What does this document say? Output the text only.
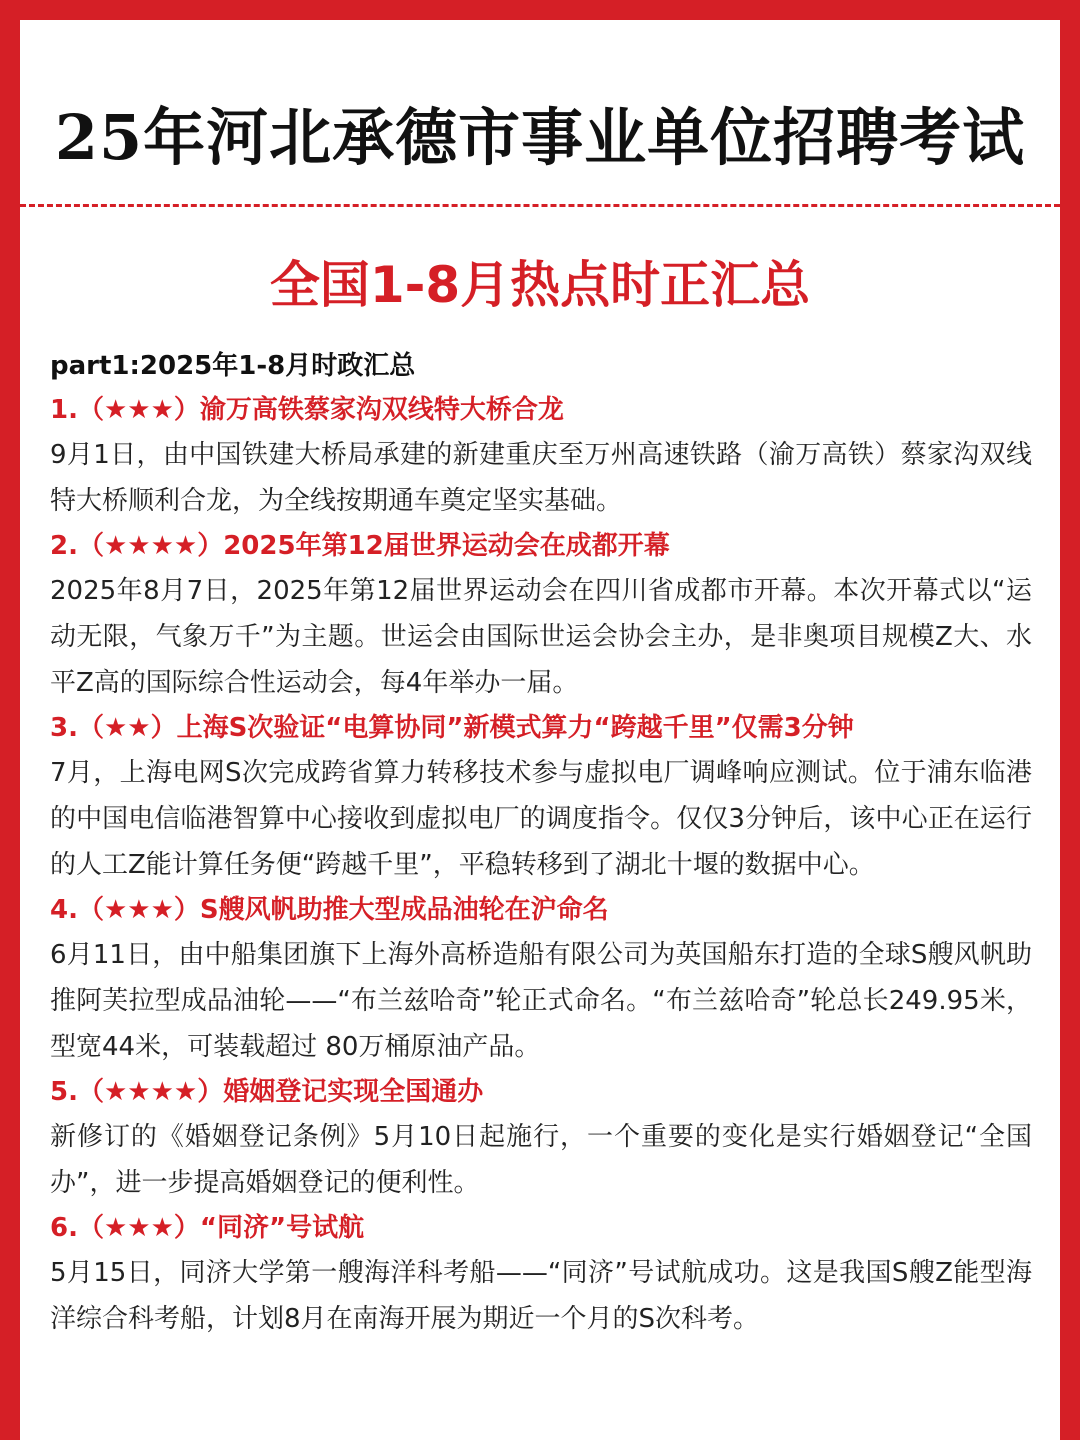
25年河北承德市事业单位招聘考试
全国1-8月热点时正汇总
part1:2025年1-8月时政汇总
1.（★★★）渝万高铁蔡家沟双线特大桥合龙
9月1日，由中国铁建大桥局承建的新建重庆至万州高速铁路（渝万高铁）蔡家沟双线特大桥顺利合龙，为全线按期通车奠定坚实基础。
2.（★★★★）2025年第12届世界运动会在成都开幕
2025年8月7日，2025年第12届世界运动会在四川省成都市开幕。本次开幕式以“运动无限，气象万千”为主题。世运会由国际世运会协会主办，是非奥项目规模Z大、水平Z高的国际综合性运动会，每4年举办一届。
3.（★★）上海S次验证“电算协同”新模式算力“跨越千里”仅需3分钟
7月，上海电网S次完成跨省算力转移技术参与虚拟电厂调峰响应测试。位于浦东临港的中国电信临港智算中心接收到虚拟电厂的调度指令。仅仅3分钟后，该中心正在运行的人工Z能计算任务便“跨越千里”，平稳转移到了湖北十堰的数据中心。
4.（★★★）S艘风帆助推大型成品油轮在沪命名
6月11日，由中船集团旗下上海外高桥造船有限公司为英国船东打造的全球S艘风帆助推阿芙拉型成品油轮——“布兰兹哈奇”轮正式命名。“布兰兹哈奇”轮总长249.95米，型宽44米，可装载超过 80万桶原油产品。
5.（★★★★）婚姻登记实现全国通办
新修订的《婚姻登记条例》5月10日起施行，一个重要的变化是实行婚姻登记“全国办”，进一步提高婚姻登记的便利性。
6.（★★★）“同济”号试航
5月15日，同济大学第一艘海洋科考船——“同济”号试航成功。这是我国S艘Z能型海洋综合科考船，计划8月在南海开展为期近一个月的S次科考。
